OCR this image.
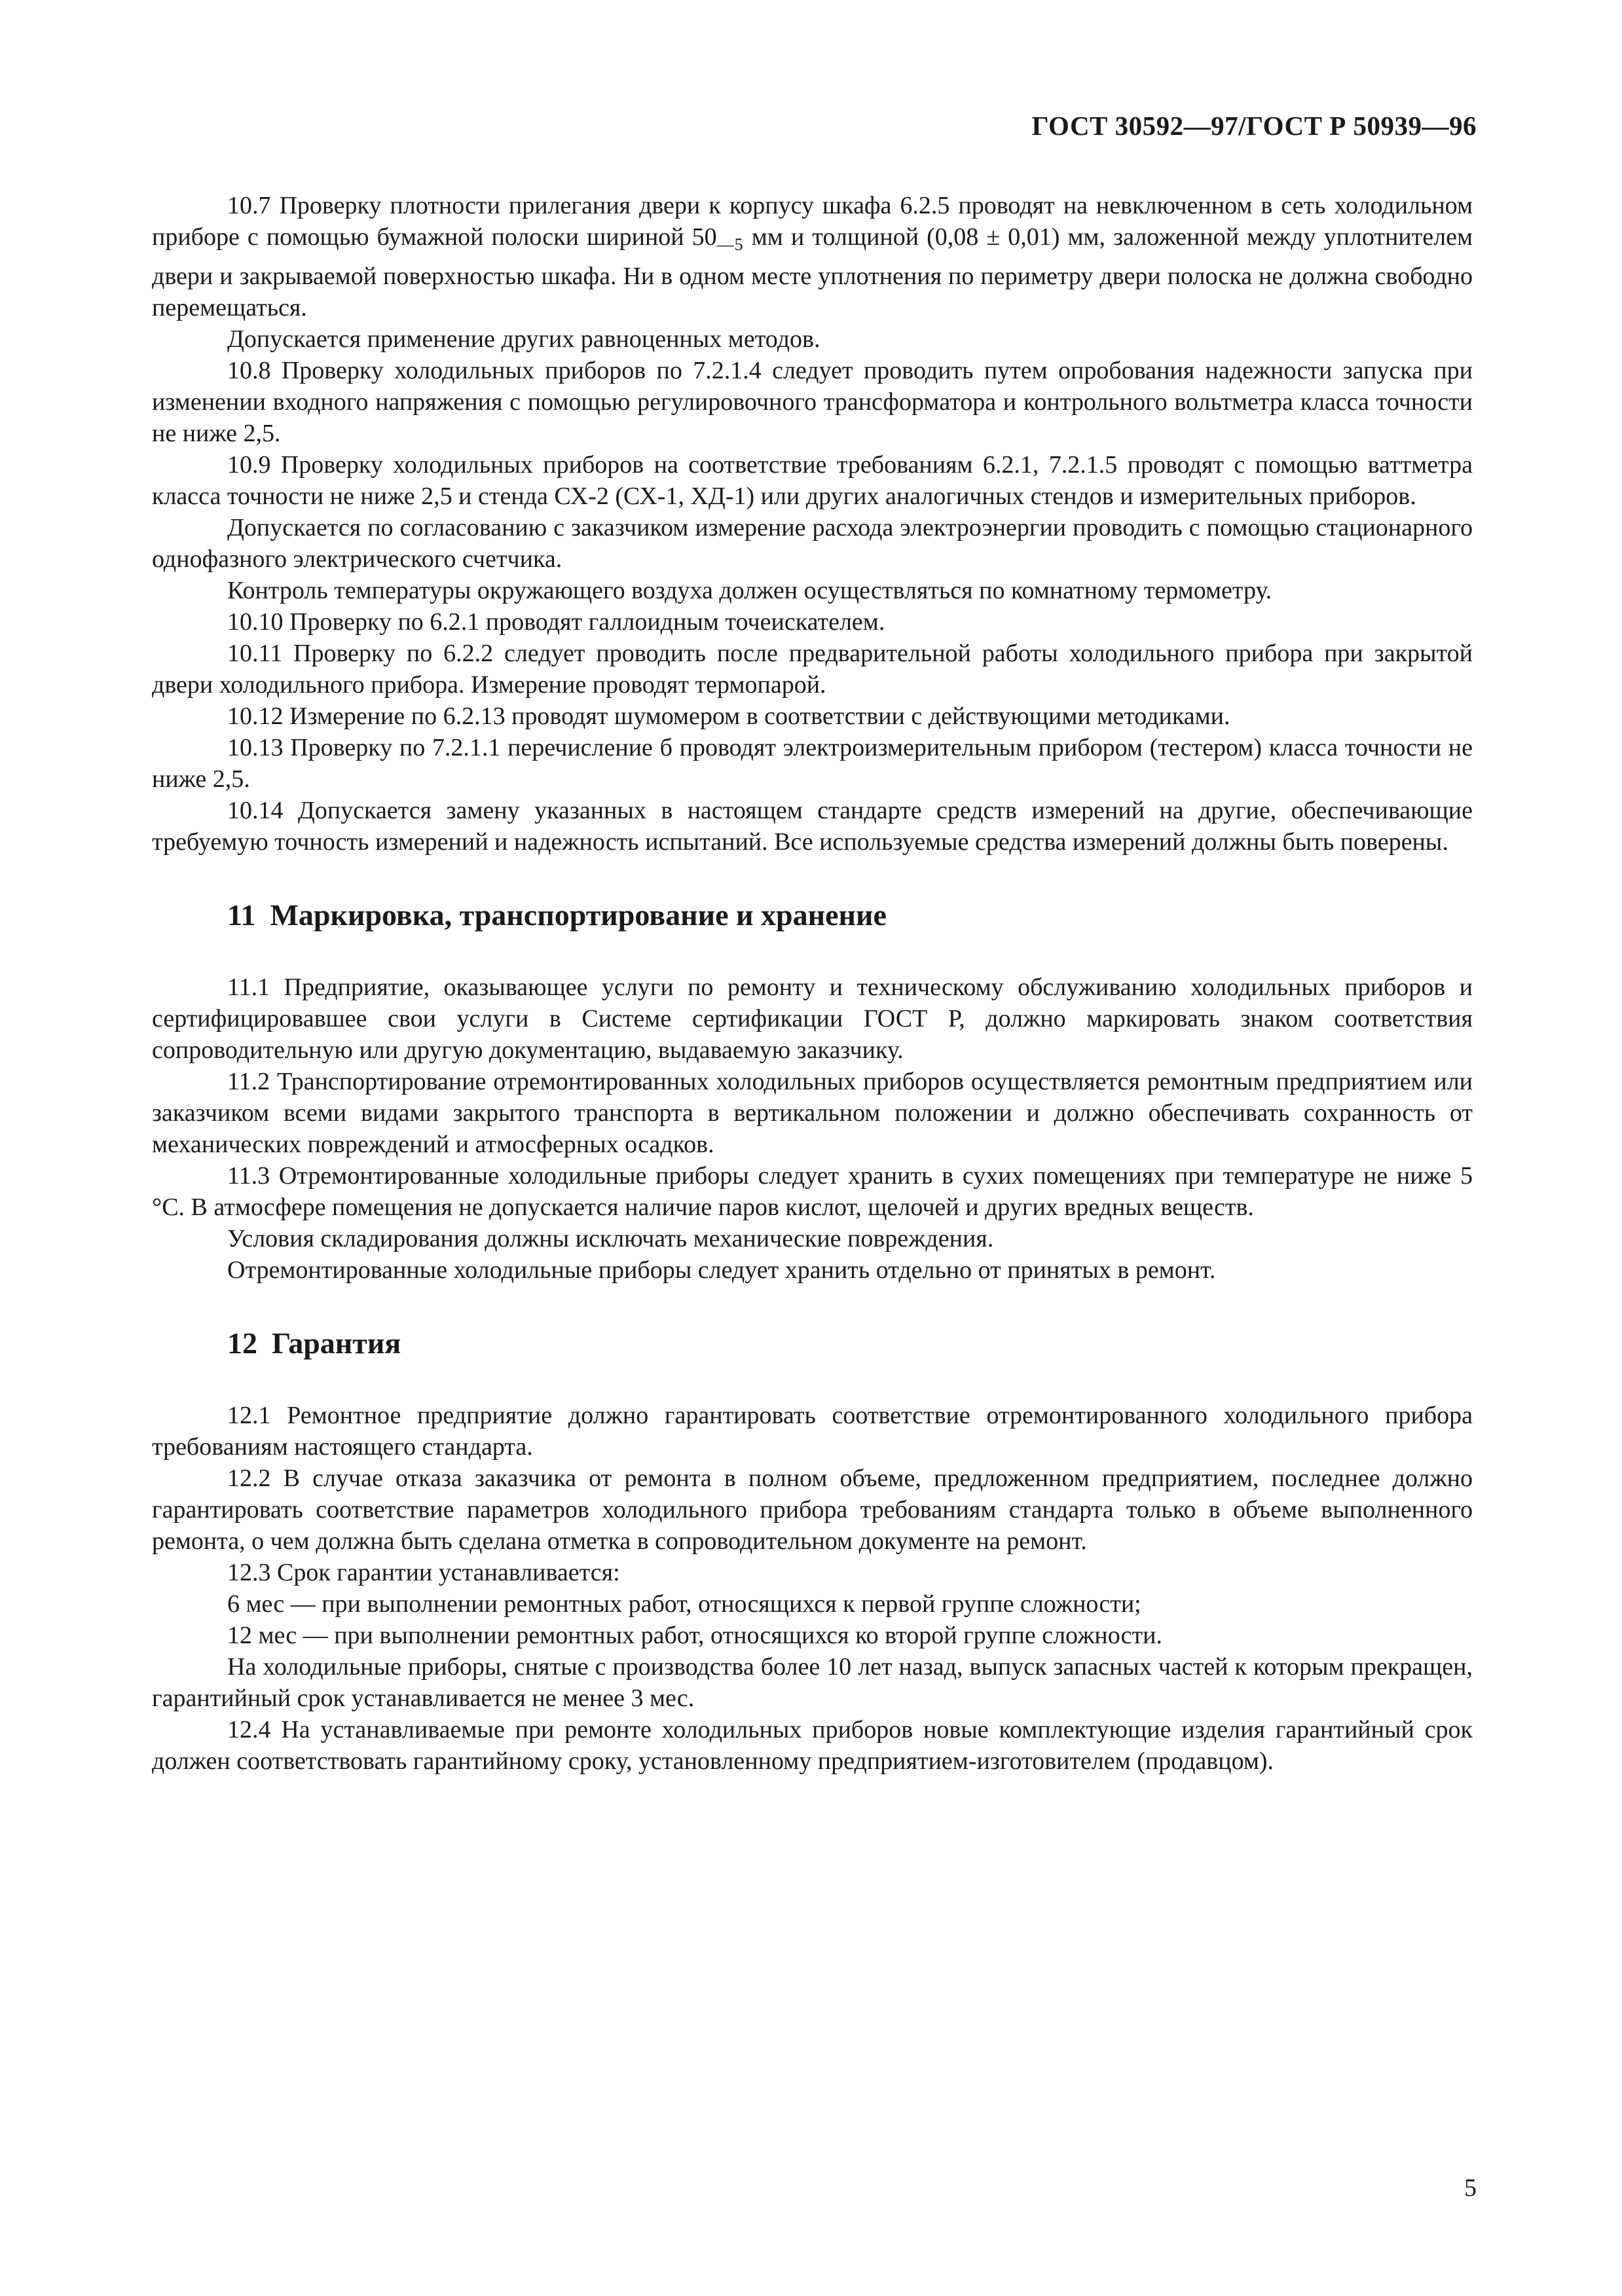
ГОСТ 30592—97/ГОСТ Р 50939—96

10.7 Проверку плотности прилегания двери к корпусу шкафа 6.2.5 проводят на невключенном в сеть холодильном приборе с помощью бумажной полоски шириной $50_{—5}$ мм и толщиной (0,08 ± 0,01) мм, заложенной между уплотнителем двери и закрываемой поверхностью шкафа. Ни в одном месте уплотнения по периметру двери полоска не должна свободно перемещаться.

Допускается применение других равноценных методов.

10.8 Проверку холодильных приборов по 7.2.1.4 следует проводить путем опробования надежности запуска при изменении входного напряжения с помощью регулировочного трансформатора и контрольного вольтметра класса точности не ниже 2,5.

10.9 Проверку холодильных приборов на соответствие требованиям 6.2.1, 7.2.1.5 проводят с помощью ваттметра класса точности не ниже 2,5 и стенда СХ-2 (СХ-1, ХД-1) или других аналогичных стендов и измерительных приборов.

Допускается по согласованию с заказчиком измерение расхода электроэнергии проводить с помощью стационарного однофазного электрического счетчика.

Контроль температуры окружающего воздуха должен осуществляться по комнатному термометру.

10.10 Проверку по 6.2.1 проводят галлоидным точеискателем.

10.11 Проверку по 6.2.2 следует проводить после предварительной работы холодильного прибора при закрытой двери холодильного прибора. Измерение проводят термопарой.

10.12 Измерение по 6.2.13 проводят шумомером в соответствии с действующими методиками.

10.13 Проверку по 7.2.1.1 перечисление б проводят электроизмерительным прибором (тестером) класса точности не ниже 2,5.

10.14 Допускается замену указанных в настоящем стандарте средств измерений на другие, обеспечивающие требуемую точность измерений и надежность испытаний. Все используемые средства измерений должны быть поверены.

11 Маркировка, транспортирование и хранение

11.1 Предприятие, оказывающее услуги по ремонту и техническому обслуживанию холодильных приборов и сертифицировавшее свои услуги в Системе сертификации ГОСТ Р, должно маркировать знаком соответствия сопроводительную или другую документацию, выдаваемую заказчику.

11.2 Транспортирование отремонтированных холодильных приборов осуществляется ремонтным предприятием или заказчиком всеми видами закрытого транспорта в вертикальном положении и должно обеспечивать сохранность от механических повреждений и атмосферных осадков.

11.3 Отремонтированные холодильные приборы следует хранить в сухих помещениях при температуре не ниже 5 °С. В атмосфере помещения не допускается наличие паров кислот, щелочей и других вредных веществ.

Условия складирования должны исключать механические повреждения.

Отремонтированные холодильные приборы следует хранить отдельно от принятых в ремонт.

12 Гарантия

12.1 Ремонтное предприятие должно гарантировать соответствие отремонтированного холодильного прибора требованиям настоящего стандарта.

12.2 В случае отказа заказчика от ремонта в полном объеме, предложенном предприятием, последнее должно гарантировать соответствие параметров холодильного прибора требованиям стандарта только в объеме выполненного ремонта, о чем должна быть сделана отметка в сопроводительном документе на ремонт.

12.3 Срок гарантии устанавливается:

6 мес — при выполнении ремонтных работ, относящихся к первой группе сложности;

12 мес — при выполнении ремонтных работ, относящихся ко второй группе сложности.

На холодильные приборы, снятые с производства более 10 лет назад, выпуск запасных частей к которым прекращен, гарантийный срок устанавливается не менее 3 мес.

12.4 На устанавливаемые при ремонте холодильных приборов новые комплектующие изделия гарантийный срок должен соответствовать гарантийному сроку, установленному предприятием-изготовителем (продавцом).

5
